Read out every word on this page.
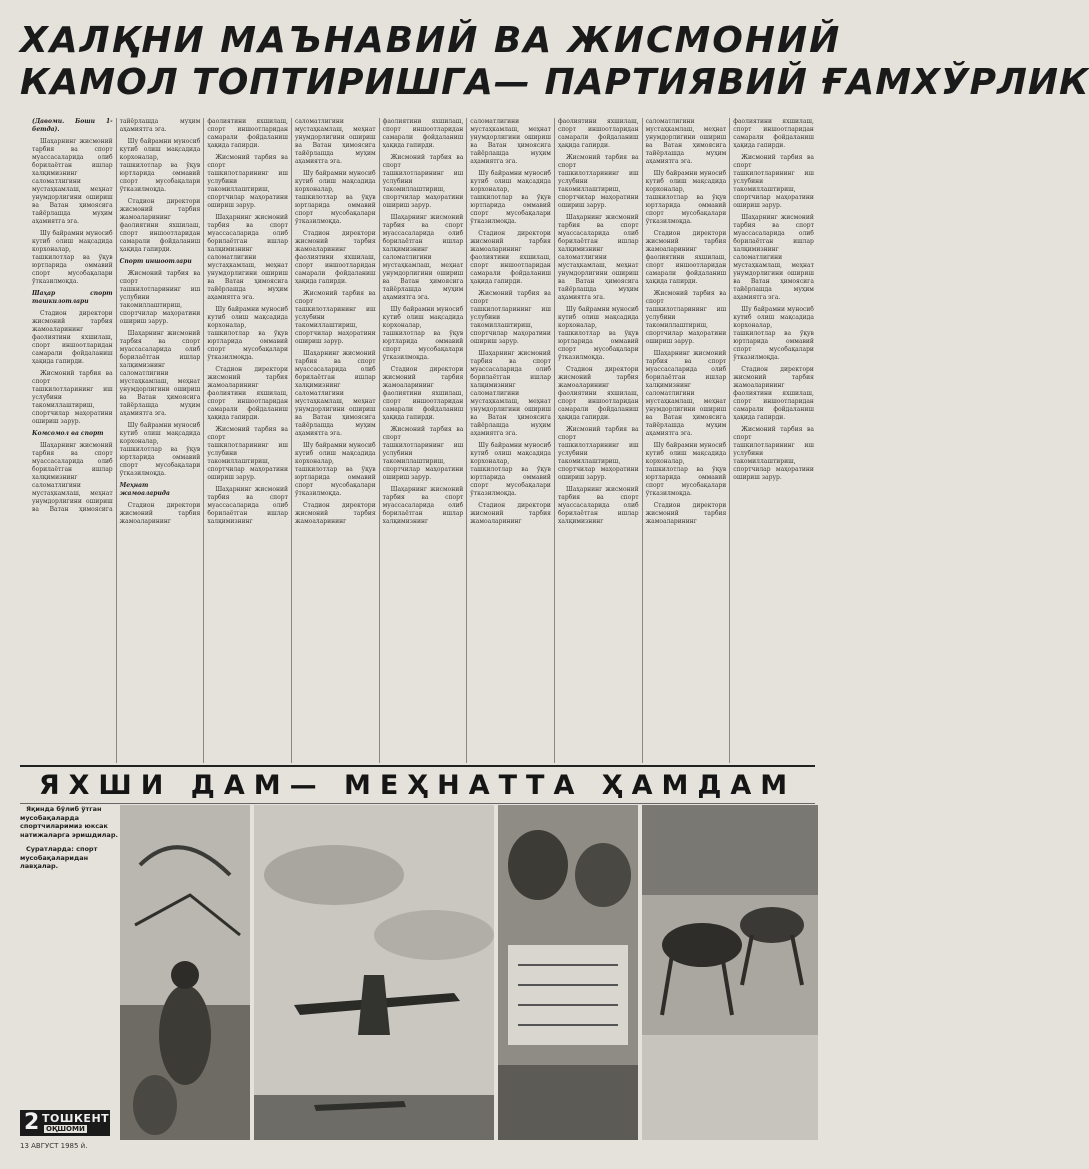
ХАЛҚНИ МАЪНАВИЙ ВА ЖИСМОНИЙ
КАМОЛ ТОПТИРИШГА— ПАРТИЯВИЙ ҒАМХЎРЛИК

(Давоми. Боши 1-бетда).

Шаҳарнинг жисмоний тарбия ва спорт муассасаларида олиб борилаётган ишлар халқимизнинг саломатлигини мустаҳкамлаш, меҳнат унумдорлигини ошириш ва Ватан ҳимоясига тайёрлашда муҳим аҳамиятга эга.

Шу байрамни муносиб кутиб олиш мақсадида корхоналар, ташкилотлар ва ўқув юртларида оммавий спорт мусобақалари ўтказилмоқда.

Шаҳар спорт ташкилотлари

Стадион директори жисмоний тарбия жамоаларининг фаолиятини яхшилаш, спорт иншоотларидан самарали фойдаланиш ҳақида гапирди.

Жисмоний тарбия ва спорт ташкилотларининг иш услубини такомиллаштириш, спортчилар маҳоратини ошириш зарур.

Комсомол ва спорт

Шаҳарнинг жисмоний тарбия ва спорт муассасаларида олиб борилаётган ишлар халқимизнинг саломатлигини мустаҳкамлаш, меҳнат унумдорлигини ошириш ва Ватан ҳимоясига тайёрлашда муҳим аҳамиятга эга.

Шу байрамни муносиб кутиб олиш мақсадида корхоналар, ташкилотлар ва ўқув юртларида оммавий спорт мусобақалари ўтказилмоқда.

Стадион директори жисмоний тарбия жамоаларининг фаолиятини яхшилаш, спорт иншоотларидан самарали фойдаланиш ҳақида гапирди.

Спорт иншоотлари

Жисмоний тарбия ва спорт ташкилотларининг иш услубини такомиллаштириш, спортчилар маҳоратини ошириш зарур.

Шаҳарнинг жисмоний тарбия ва спорт муассасаларида олиб борилаётган ишлар халқимизнинг саломатлигини мустаҳкамлаш, меҳнат унумдорлигини ошириш ва Ватан ҳимоясига тайёрлашда муҳим аҳамиятга эга.

Шу байрамни муносиб кутиб олиш мақсадида корхоналар, ташкилотлар ва ўқув юртларида оммавий спорт мусобақалари ўтказилмоқда.

Меҳнат жамоаларида

Стадион директори жисмоний тарбия жамоаларининг фаолиятини яхшилаш, спорт иншоотларидан самарали фойдаланиш ҳақида гапирди.

Жисмоний тарбия ва спорт ташкилотларининг иш услубини такомиллаштириш, спортчилар маҳоратини ошириш зарур.

Шаҳарнинг жисмоний тарбия ва спорт муассасаларида олиб борилаётган ишлар халқимизнинг саломатлигини мустаҳкамлаш, меҳнат унумдорлигини ошириш ва Ватан ҳимоясига тайёрлашда муҳим аҳамиятга эга.

Шу байрамни муносиб кутиб олиш мақсадида корхоналар, ташкилотлар ва ўқув юртларида оммавий спорт мусобақалари ўтказилмоқда.

Стадион директори жисмоний тарбия жамоаларининг фаолиятини яхшилаш, спорт иншоотларидан самарали фойдаланиш ҳақида гапирди.

Жисмоний тарбия ва спорт ташкилотларининг иш услубини такомиллаштириш, спортчилар маҳоратини ошириш зарур.

Шаҳарнинг жисмоний тарбия ва спорт муассасаларида олиб борилаётган ишлар халқимизнинг саломатлигини мустаҳкамлаш, меҳнат унумдорлигини ошириш ва Ватан ҳимоясига тайёрлашда муҳим аҳамиятга эга.

Шу байрамни муносиб кутиб олиш мақсадида корхоналар, ташкилотлар ва ўқув юртларида оммавий спорт мусобақалари ўтказилмоқда.

Стадион директори жисмоний тарбия жамоаларининг фаолиятини яхшилаш, спорт иншоотларидан самарали фойдаланиш ҳақида гапирди.

Жисмоний тарбия ва спорт ташкилотларининг иш услубини такомиллаштириш, спортчилар маҳоратини ошириш зарур.

Шаҳарнинг жисмоний тарбия ва спорт муассасаларида олиб борилаётган ишлар халқимизнинг саломатлигини мустаҳкамлаш, меҳнат унумдорлигини ошириш ва Ватан ҳимоясига тайёрлашда муҳим аҳамиятга эга.

Шу байрамни муносиб кутиб олиш мақсадида корхоналар, ташкилотлар ва ўқув юртларида оммавий спорт мусобақалари ўтказилмоқда.

Стадион директори жисмоний тарбия жамоаларининг фаолиятини яхшилаш, спорт иншоотларидан самарали фойдаланиш ҳақида гапирди.

Жисмоний тарбия ва спорт ташкилотларининг иш услубини такомиллаштириш, спортчилар маҳоратини ошириш зарур.

Шаҳарнинг жисмоний тарбия ва спорт муассасаларида олиб борилаётган ишлар халқимизнинг саломатлигини мустаҳкамлаш, меҳнат унумдорлигини ошириш ва Ватан ҳимоясига тайёрлашда муҳим аҳамиятга эга.

Шу байрамни муносиб кутиб олиш мақсадида корхоналар, ташкилотлар ва ўқув юртларида оммавий спорт мусобақалари ўтказилмоқда.

Стадион директори жисмоний тарбия жамоаларининг фаолиятини яхшилаш, спорт иншоотларидан самарали фойдаланиш ҳақида гапирди.

Жисмоний тарбия ва спорт ташкилотларининг иш услубини такомиллаштириш, спортчилар маҳоратини ошириш зарур.

Шаҳарнинг жисмоний тарбия ва спорт муассасаларида олиб борилаётган ишлар халқимизнинг саломатлигини мустаҳкамлаш, меҳнат унумдорлигини ошириш ва Ватан ҳимоясига тайёрлашда муҳим аҳамиятга эга.

Шу байрамни муносиб кутиб олиш мақсадида корхоналар, ташкилотлар ва ўқув юртларида оммавий спорт мусобақалари ўтказилмоқда.

Стадион директори жисмоний тарбия жамоаларининг фаолиятини яхшилаш, спорт иншоотларидан самарали фойдаланиш ҳақида гапирди.

Жисмоний тарбия ва спорт ташкилотларининг иш услубини такомиллаштириш, спортчилар маҳоратини ошириш зарур.

Шаҳарнинг жисмоний тарбия ва спорт муассасаларида олиб борилаётган ишлар халқимизнинг саломатлигини мустаҳкамлаш, меҳнат унумдорлигини ошириш ва Ватан ҳимоясига тайёрлашда муҳим аҳамиятга эга.

Шу байрамни муносиб кутиб олиш мақсадида корхоналар, ташкилотлар ва ўқув юртларида оммавий спорт мусобақалари ўтказилмоқда.

Стадион директори жисмоний тарбия жамоаларининг фаолиятини яхшилаш, спорт иншоотларидан самарали фойдаланиш ҳақида гапирди.

Жисмоний тарбия ва спорт ташкилотларининг иш услубини такомиллаштириш, спортчилар маҳоратини ошириш зарур.

Шаҳарнинг жисмоний тарбия ва спорт муассасаларида олиб борилаётган ишлар халқимизнинг саломатлигини мустаҳкамлаш, меҳнат унумдорлигини ошириш ва Ватан ҳимоясига тайёрлашда муҳим аҳамиятга эга.

Шу байрамни муносиб кутиб олиш мақсадида корхоналар, ташкилотлар ва ўқув юртларида оммавий спорт мусобақалари ўтказилмоқда.

Стадион директори жисмоний тарбия жамоаларининг фаолиятини яхшилаш, спорт иншоотларидан самарали фойдаланиш ҳақида гапирди.

Жисмоний тарбия ва спорт ташкилотларининг иш услубини такомиллаштириш, спортчилар маҳоратини ошириш зарур.

Шаҳарнинг жисмоний тарбия ва спорт муассасаларида олиб борилаётган ишлар халқимизнинг саломатлигини мустаҳкамлаш, меҳнат унумдорлигини ошириш ва Ватан ҳимоясига тайёрлашда муҳим аҳамиятга эга.

Шу байрамни муносиб кутиб олиш мақсадида корхоналар, ташкилотлар ва ўқув юртларида оммавий спорт мусобақалари ўтказилмоқда.

Стадион директори жисмоний тарбия жамоаларининг фаолиятини яхшилаш, спорт иншоотларидан самарали фойдаланиш ҳақида гапирди.

Жисмоний тарбия ва спорт ташкилотларининг иш услубини такомиллаштириш, спортчилар маҳоратини ошириш зарур.

Шаҳарнинг жисмоний тарбия ва спорт муассасаларида олиб борилаётган ишлар халқимизнинг саломатлигини мустаҳкамлаш, меҳнат унумдорлигини ошириш ва Ватан ҳимоясига тайёрлашда муҳим аҳамиятга эга.

Шу байрамни муносиб кутиб олиш мақсадида корхоналар, ташкилотлар ва ўқув юртларида оммавий спорт мусобақалари ўтказилмоқда.

Стадион директори жисмоний тарбия жамоаларининг фаолиятини яхшилаш, спорт иншоотларидан самарали фойдаланиш ҳақида гапирди.

Жисмоний тарбия ва спорт ташкилотларининг иш услубини такомиллаштириш, спортчилар маҳоратини ошириш зарур.

Шаҳарнинг жисмоний тарбия ва спорт муассасаларида олиб борилаётган ишлар халқимизнинг саломатлигини мустаҳкамлаш, меҳнат унумдорлигини ошириш ва Ватан ҳимоясига тайёрлашда муҳим аҳамиятга эга.

Шу байрамни муносиб кутиб олиш мақсадида корхоналар, ташкилотлар ва ўқув юртларида оммавий спорт мусобақалари ўтказилмоқда.

Стадион директори жисмоний тарбия жамоаларининг фаолиятини яхшилаш, спорт иншоотларидан самарали фойдаланиш ҳақида гапирди.

Жисмоний тарбия ва спорт ташкилотларининг иш услубини такомиллаштириш, спортчилар маҳоратини ошириш зарур.

ЯХШИ ДАМ— МЕҲНАТТА ҲАМДАМ

Яқинда бўлиб ўтган мусобақаларда спортчиларимиз юксак натижаларга эришдилар.

Суратларда: спорт мусобақаларидан лавҳалар.

2 ТОШКЕНТ
ОҚШОМИ
13 АВГУСТ 1985 й.
